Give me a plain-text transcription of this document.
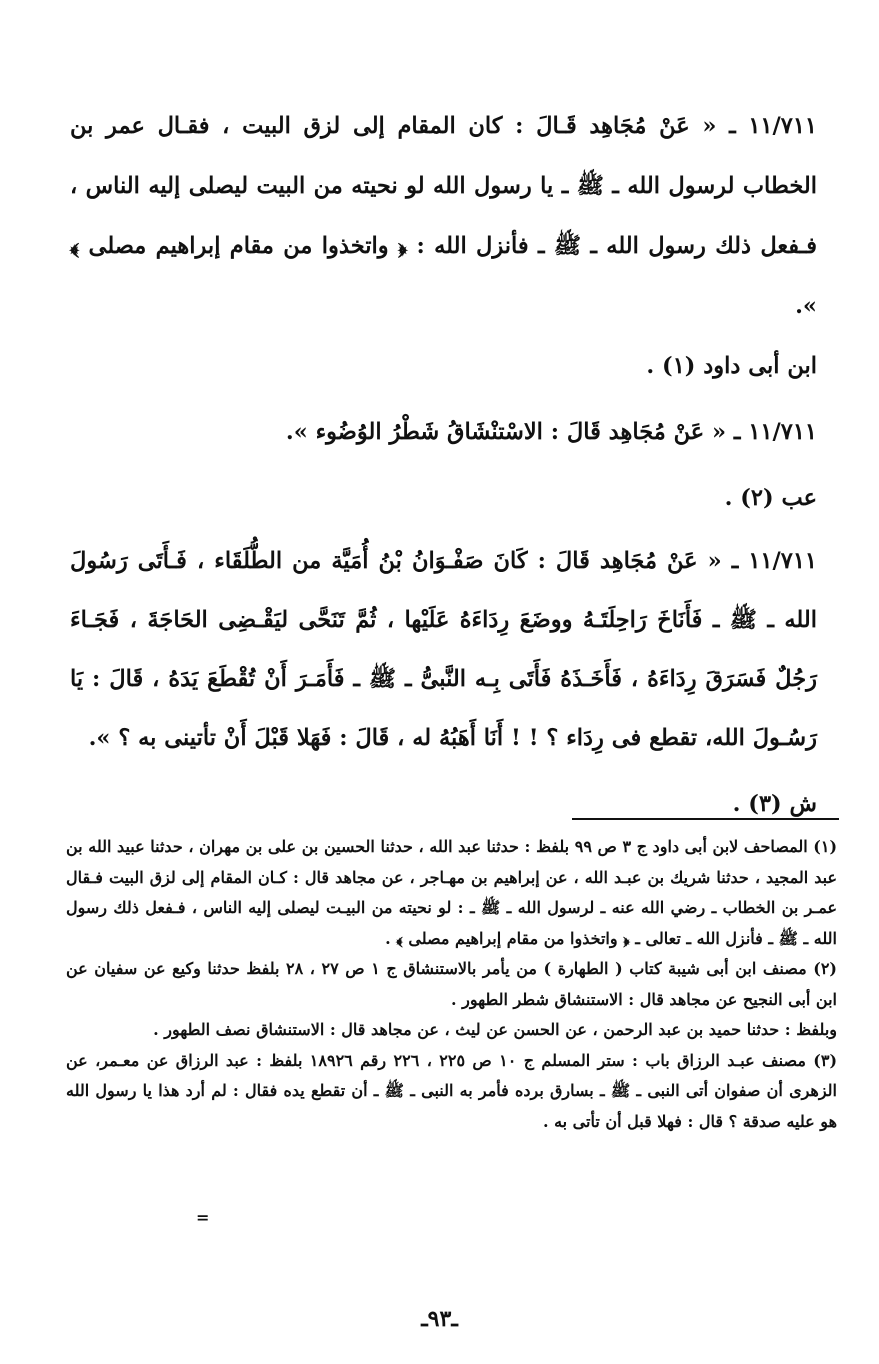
١١/٧١١ ـ « عَنْ مُجَاهِد قَـالَ : كان المقام إلى لزق البيت ، فقـال عمر بن الخطاب لرسول الله ـ ﷺ ـ يا رسول الله لو نحيته من البيت ليصلى إليه الناس ، فـفعل ذلك رسول الله ـ ﷺ ـ فأنزل الله : ﴿ واتخذوا من مقام إبراهيم مصلى ﴾ ».

ابن أبى داود (١) .

١١/٧١١ ـ « عَنْ مُجَاهِد قَالَ : الاسْتنْشَاقُ شَطْرُ الوُضُوء ».

عب (٢) .

١١/٧١١ ـ « عَنْ مُجَاهِد قَالَ : كَانَ صَفْـوَانُ بْنُ أُمَيَّة من الطُّلَقَاء ، فَـأَتَى رَسُولَ الله ـ ﷺ ـ فَأَنَاخَ رَاحِلَتَـهُ ووضَعَ رِدَاءَهُ عَلَيْها ، ثُمَّ تَنَحَّى ليَقْـضِى الحَاجَةَ ، فَجَـاءَ رَجُلٌ فَسَرَقَ رِدَاءَهُ ، فَأَخَـذَهُ فَأَتَى بِـه النَّبىُّ ـ ﷺ ـ فَأَمَـرَ أَنْ تُقْطَعَ يَدَهُ ، قَالَ : يَا رَسُـولَ الله، تقطع فى رِدَاء ؟ ! ! أَنَا أَهَبُهُ له ، قَالَ : فَهَلا قَبْلَ أَنْ تأتينى به ؟ ».

ش (٣) .

(١) المصاحف لابن أبى داود ج ٣ ص ٩٩ بلفظ : حدثنا عبد الله ، حدثنا الحسين بن على بن مهران ، حدثنا عبيد الله بن عبد المجيد ، حدثنا شريك بن عبـد الله ، عن إبراهيم بن مهـاجر ، عن مجاهد قال : كـان المقام إلى لزق البيت فـقال عمـر بن الخطاب ـ رضي الله عنه ـ لرسول الله ـ ﷺ ـ : لو نحيته من البيـت ليصلى إليه الناس ، فـفعل ذلك رسول الله ـ ﷺ ـ فأنزل الله ـ تعالى ـ ﴿ واتخذوا من مقام إبراهيم مصلى ﴾ .

(٢) مصنف ابن أبى شيبة كتاب ( الطهارة ) من يأمر بالاستنشاق ج ١ ص ٢٧ ، ٢٨ بلفظ حدثنا وكيع عن سفيان عن ابن أبى النجيح عن مجاهد قال : الاستنشاق شطر الطهور .

وبلفظ : حدثنا حميد بن عبد الرحمن ، عن الحسن عن ليث ، عن مجاهد قال : الاستنشاق نصف الطهور .

(٣) مصنف عبـد الرزاق باب : ستر المسلم ج ١٠ ص ٢٢٥ ، ٢٢٦ رقم ١٨٩٢٦ بلفظ : عبد الرزاق عن معـمر، عن الزهرى أن صفوان أتى النبى ـ ﷺ ـ بسارق برده فأمر به النبى ـ ﷺ ـ أن تقطع يده فقال : لم أرد هذا يا رسول الله هو عليه صدقة ؟ قال : فهلا قبل أن تأتى به .

=
ـ٩٣ـ
